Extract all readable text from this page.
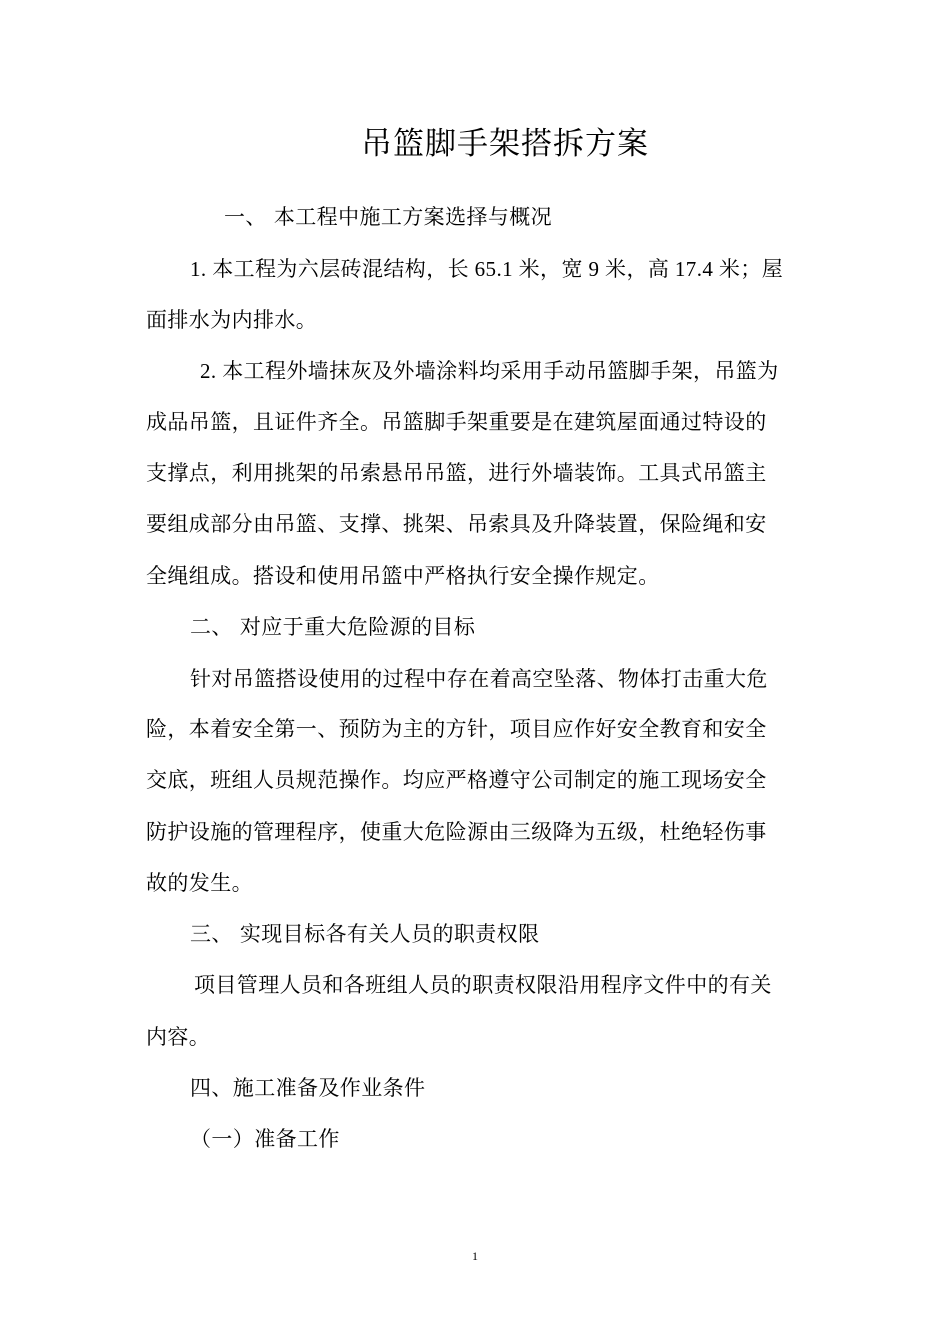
吊篮脚手架搭拆方案
一、 本工程中施工方案选择与概况
1. 本工程为六层砖混结构，长 65.1 米，宽 9 米，高 17.4 米；屋
面排水为内排水。
2. 本工程外墙抹灰及外墙涂料均采用手动吊篮脚手架，吊篮为
成品吊篮，且证件齐全。吊篮脚手架重要是在建筑屋面通过特设的
支撑点，利用挑架的吊索悬吊吊篮，进行外墙装饰。工具式吊篮主
要组成部分由吊篮、支撑、挑架、吊索具及升降装置，保险绳和安
全绳组成。搭设和使用吊篮中严格执行安全操作规定。
二、 对应于重大危险源的目标
针对吊篮搭设使用的过程中存在着高空坠落、物体打击重大危
险，本着安全第一、预防为主的方针，项目应作好安全教育和安全
交底，班组人员规范操作。均应严格遵守公司制定的施工现场安全
防护设施的管理程序，使重大危险源由三级降为五级，杜绝轻伤事
故的发生。
三、 实现目标各有关人员的职责权限
项目管理人员和各班组人员的职责权限沿用程序文件中的有关
内容。
四、施工准备及作业条件
（一）准备工作
1
